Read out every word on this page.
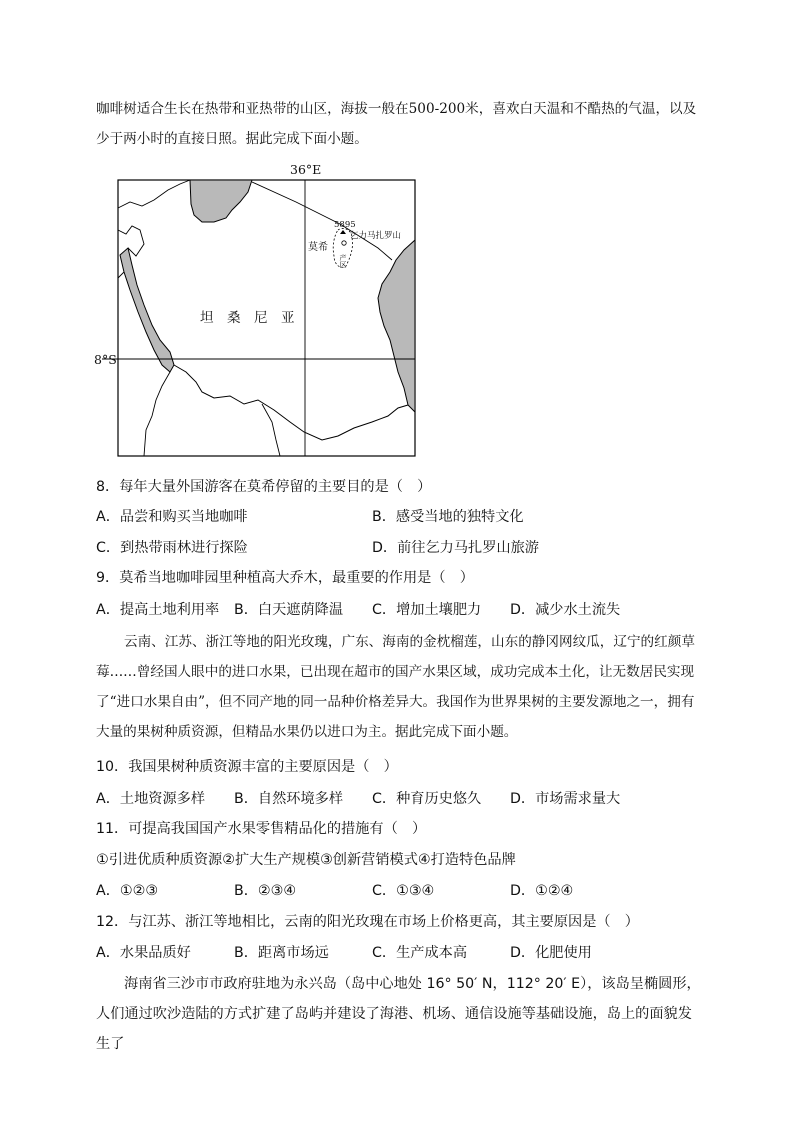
咖啡树适合生长在热带和亚热带的山区，海拔一般在500-200米，喜欢白天温和不酷热的气温，以及少于两小时的直接日照。据此完成下面小题。

36°E
8°S
5895
乞力马扎罗山
莫希
产区
坦　桑　尼　亚

8．每年大量外国游客在莫希停留的主要目的是（　）

A．品尝和购买当地咖啡	B．感受当地的独特文化

C．到热带雨林进行探险	D．前往乞力马扎罗山旅游

9．莫希当地咖啡园里种植高大乔木，最重要的作用是（　）

A．提高土地利用率 B．白天遮荫降温 C．增加土壤肥力 D．减少水土流失

云南、江苏、浙江等地的阳光玫瑰，广东、海南的金枕榴莲，山东的静冈网纹瓜，辽宁的红颜草莓……曾经国人眼中的进口水果，已出现在超市的国产水果区域，成功完成本土化，让无数居民实现了“进口水果自由”，但不同产地的同一品种价格差异大。我国作为世界果树的主要发源地之一，拥有大量的果树种质资源，但精品水果仍以进口为主。据此完成下面小题。

10．我国果树种质资源丰富的主要原因是（　）

A．土地资源多样 B．自然环境多样 C．种育历史悠久 D．市场需求量大

11．可提高我国国产水果零售精品化的措施有（　）

①引进优质种质资源②扩大生产规模③创新营销模式④打造特色品牌

A．①②③	B．②③④	C．①③④	D．①②④

12．与江苏、浙江等地相比，云南的阳光玫瑰在市场上价格更高，其主要原因是（　）

A．水果品质好	B．距离市场远	C．生产成本高	D．化肥使用

海南省三沙市市政府驻地为永兴岛（岛中心地处 16° 50′ N，112° 20′ E），该岛呈椭圆形，人们通过吹沙造陆的方式扩建了岛屿并建设了海港、机场、通信设施等基础设施，岛上的面貌发生了
